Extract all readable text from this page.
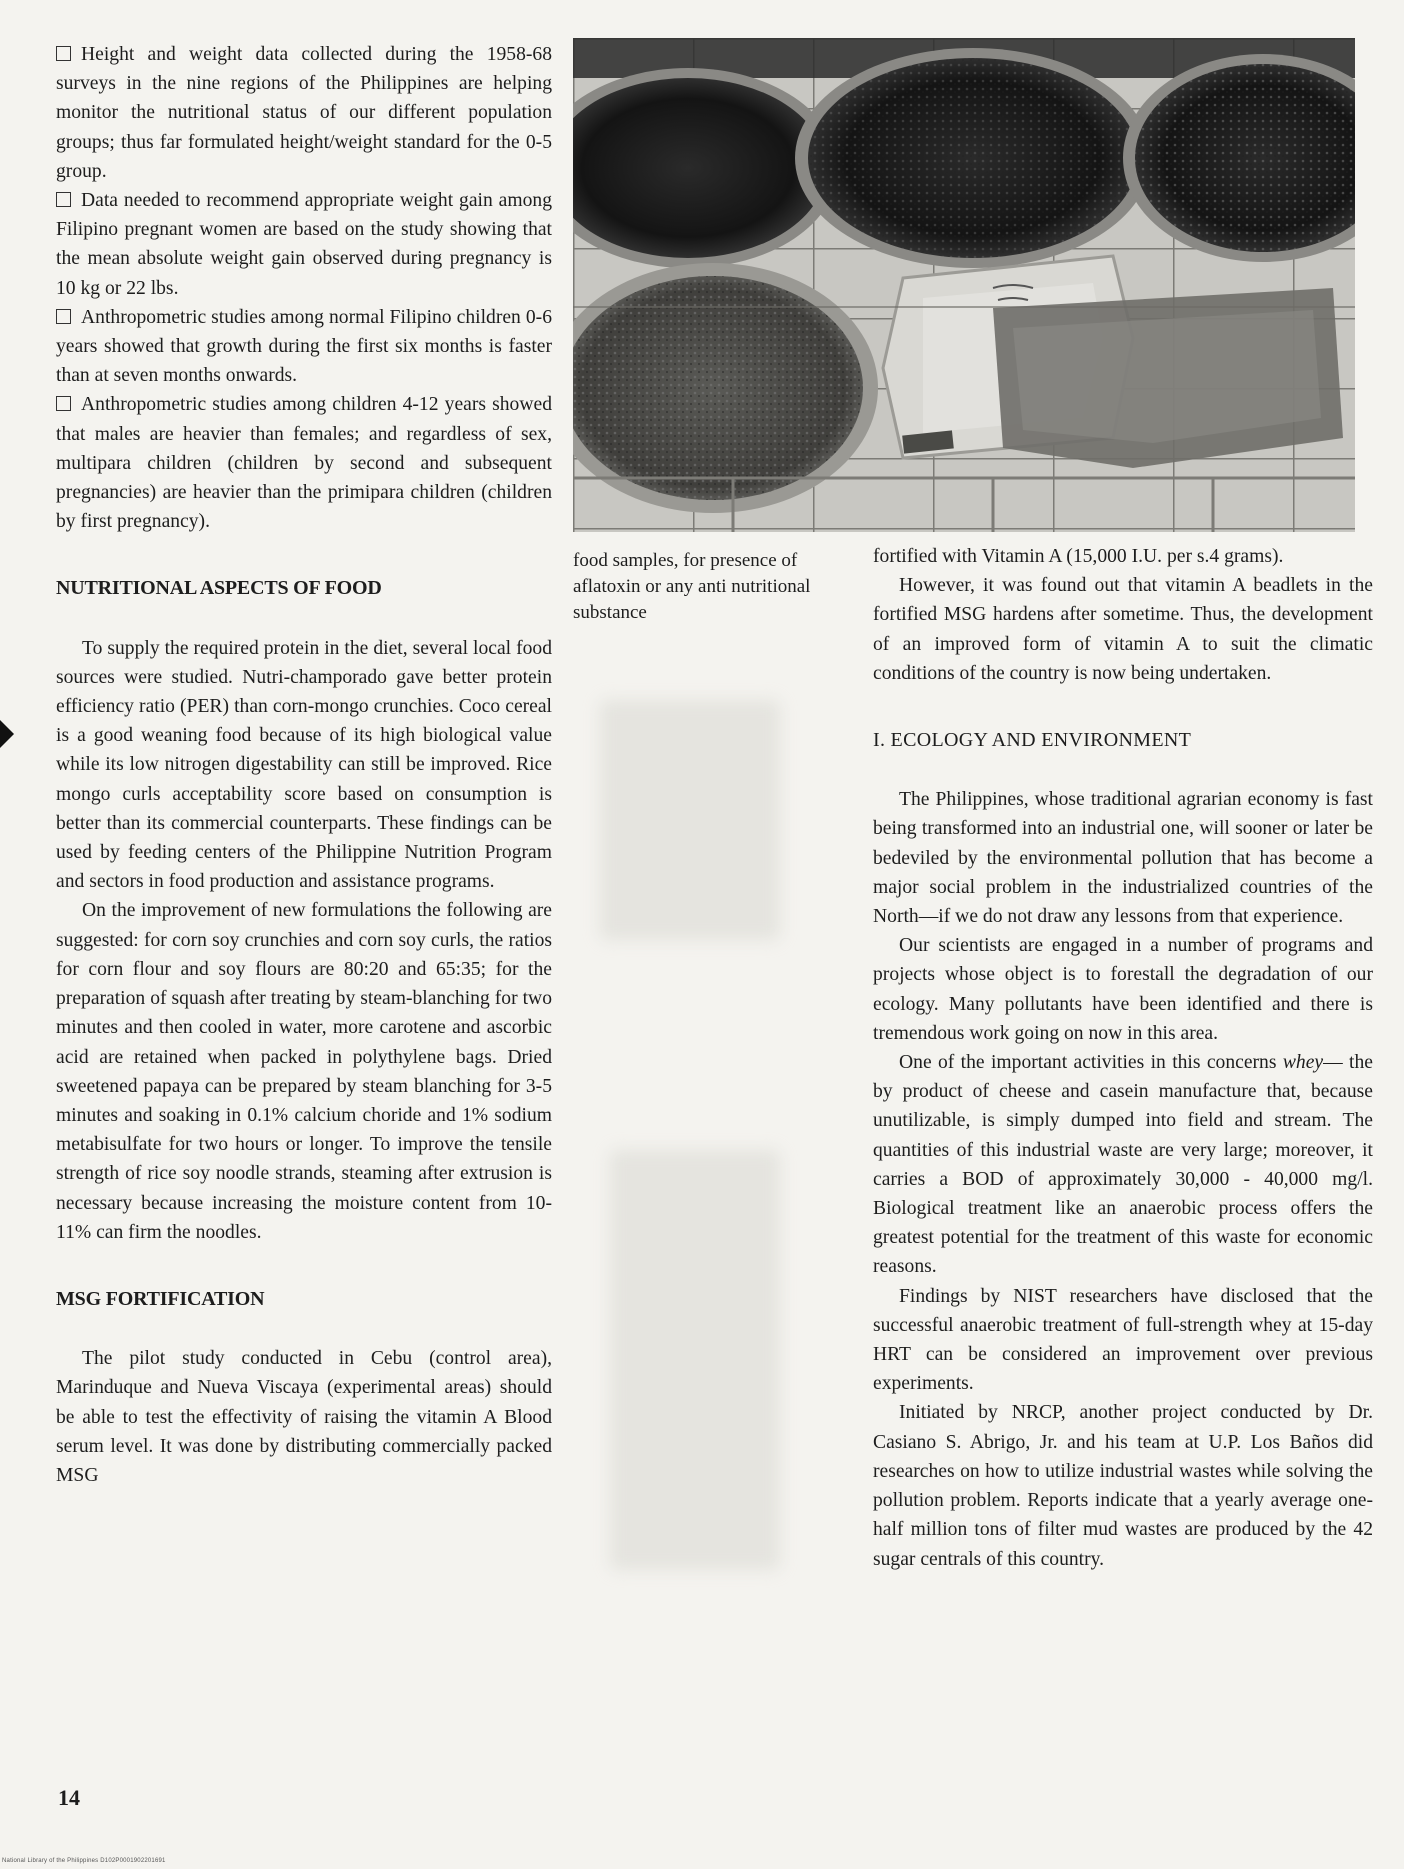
Height and weight data collected during the 1958-68 surveys in the nine regions of the Philippines are helping monitor the nutritional status of our different population groups; thus far formulated height/weight standard for the 0-5 group.

Data needed to recommend appropriate weight gain among Filipino pregnant women are based on the study showing that the mean absolute weight gain observed during pregnancy is 10 kg or 22 lbs.

Anthropometric studies among normal Filipino children 0-6 years showed that growth during the first six months is faster than at seven months onwards.

Anthropometric studies among children 4-12 years showed that males are heavier than females; and regardless of sex, multipara children (children by second and subsequent pregnancies) are heavier than the primipara children (children by first pregnancy).

NUTRITIONAL ASPECTS OF FOOD

To supply the required protein in the diet, several local food sources were studied. Nutri-champorado gave better protein efficiency ratio (PER) than corn-mongo crunchies. Coco cereal is a good weaning food because of its high biological value while its low nitrogen digestability can still be improved. Rice mongo curls acceptability score based on consumption is better than its commercial counterparts. These findings can be used by feeding centers of the Philippine Nutrition Program and sectors in food production and assistance programs.

On the improvement of new formulations the following are suggested: for corn soy crunchies and corn soy curls, the ratios for corn flour and soy flours are 80:20 and 65:35; for the preparation of squash after treating by steam-blanching for two minutes and then cooled in water, more carotene and ascorbic acid are retained when packed in polythylene bags. Dried sweetened papaya can be prepared by steam blanching for 3-5 minutes and soaking in 0.1% calcium choride and 1% sodium metabisulfate for two hours or longer. To improve the tensile strength of rice soy noodle strands, steaming after extrusion is necessary because increasing the moisture content from 10-11% can firm the noodles.

MSG FORTIFICATION

The pilot study conducted in Cebu (control area), Marinduque and Nueva Viscaya (experimental areas) should be able to test the effectivity of raising the vitamin A Blood serum level. It was done by distributing commercially packed MSG

food samples, for presence of aflatoxin or any anti nutritional substance

fortified with Vitamin A (15,000 I.U. per s.4 grams).

However, it was found out that vitamin A beadlets in the fortified MSG hardens after sometime. Thus, the development of an improved form of vitamin A to suit the climatic conditions of the country is now being undertaken.

I. ECOLOGY AND ENVIRONMENT

The Philippines, whose traditional agrarian economy is fast being transformed into an industrial one, will sooner or later be bedeviled by the environmental pollution that has become a major social problem in the industrialized countries of the North—if we do not draw any lessons from that experience.

Our scientists are engaged in a number of programs and projects whose object is to forestall the degradation of our ecology. Many pollutants have been identified and there is tremendous work going on now in this area.

One of the important activities in this concerns whey— the by product of cheese and casein manufacture that, because unutilizable, is simply dumped into field and stream. The quantities of this industrial waste are very large; moreover, it carries a BOD of approximately 30,000 - 40,000 mg/l. Biological treatment like an anaerobic process offers the greatest potential for the treatment of this waste for economic reasons.

Findings by NIST researchers have disclosed that the successful anaerobic treatment of full-strength whey at 15-day HRT can be considered an improvement over previous experiments.

Initiated by NRCP, another project conducted by Dr. Casiano S. Abrigo, Jr. and his team at U.P. Los Baños did researches on how to utilize industrial wastes while solving the pollution problem. Reports indicate that a yearly average one-half million tons of filter mud wastes are produced by the 42 sugar centrals of this country.

14
National Library of the Philippines D102P0001902201691
